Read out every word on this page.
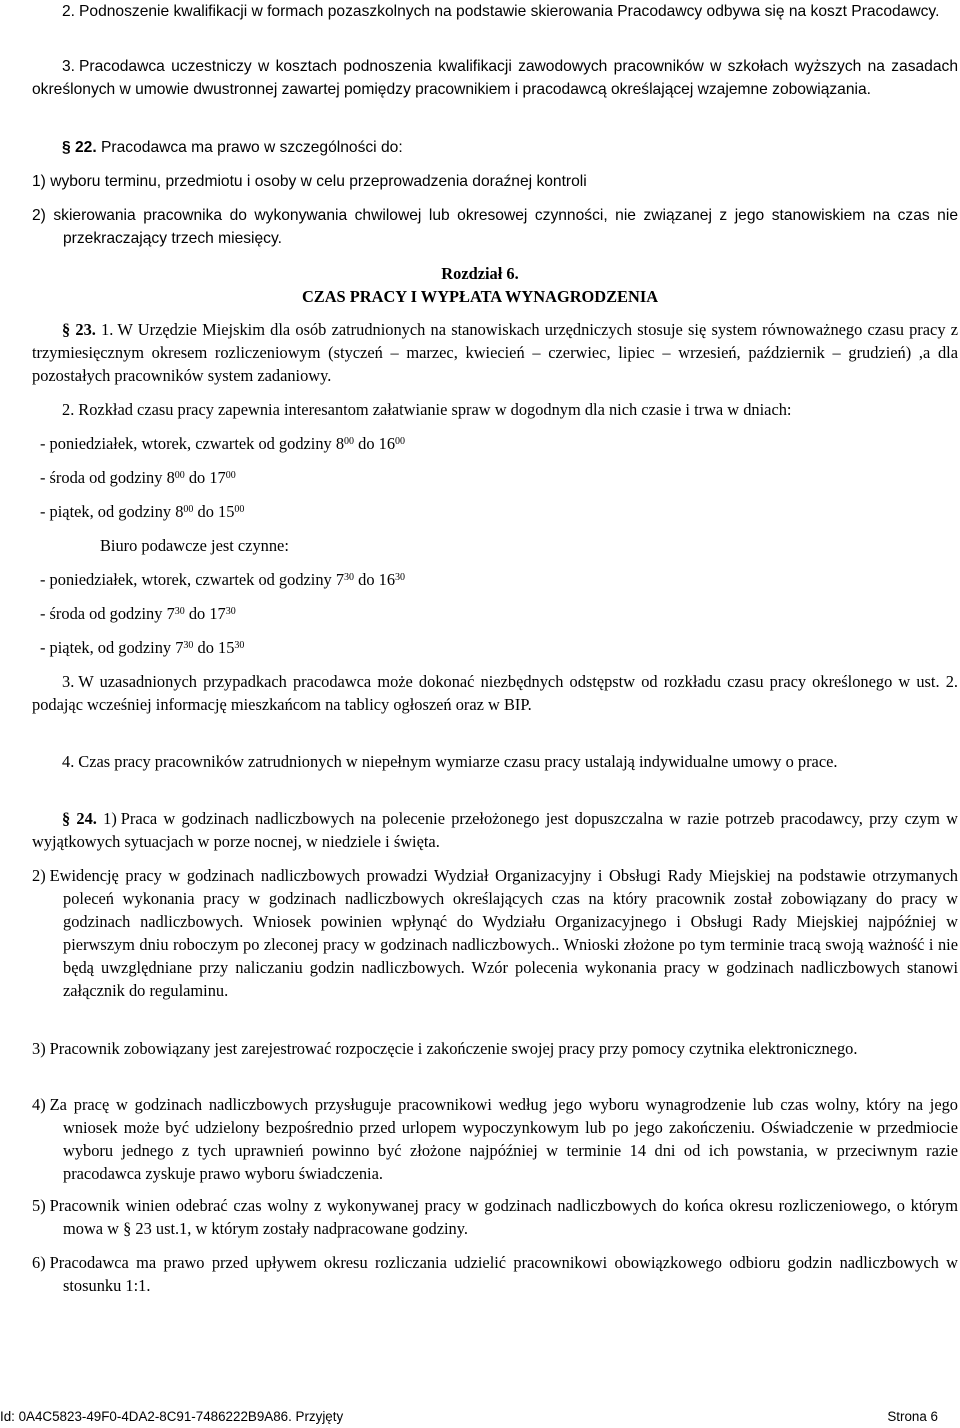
2. Podnoszenie kwalifikacji w formach pozaszkolnych na podstawie skierowania Pracodawcy odbywa się na koszt Pracodawcy.

3. Pracodawca uczestniczy w kosztach podnoszenia kwalifikacji zawodowych pracowników w szkołach wyższych na zasadach określonych w umowie dwustronnej zawartej pomiędzy pracownikiem i pracodawcą określającej wzajemne zobowiązania.

§ 22. Pracodawca ma prawo w szczególności do:

1) wyboru terminu, przedmiotu i osoby w celu przeprowadzenia doraźnej kontroli

2) skierowania pracownika do wykonywania chwilowej lub okresowej czynności, nie związanej z jego stanowiskiem na czas nie przekraczający trzech miesięcy.

Rozdział 6.

CZAS PRACY I WYPŁATA WYNAGRODZENIA

§ 23. 1. W Urzędzie Miejskim dla osób zatrudnionych na stanowiskach urzędniczych stosuje się system równoważnego czasu pracy z trzymiesięcznym okresem rozliczeniowym (styczeń – marzec, kwiecień – czerwiec, lipiec – wrzesień, październik – grudzień) ,a dla pozostałych pracowników system zadaniowy.

2. Rozkład czasu pracy zapewnia interesantom załatwianie spraw w dogodnym dla nich czasie i trwa w dniach:

- poniedziałek, wtorek, czwartek od godziny $8^{00}$ do $16^{00}$

- środa od godziny $8^{00}$ do $17^{00}$

- piątek, od godziny $8^{00}$ do $15^{00}$

Biuro podawcze jest czynne:

- poniedziałek, wtorek, czwartek od godziny $7^{30}$ do $16^{30}$

- środa od godziny $7^{30}$ do $17^{30}$

- piątek, od godziny $7^{30}$ do $15^{30}$

3. W uzasadnionych przypadkach pracodawca może dokonać niezbędnych odstępstw od rozkładu czasu pracy określonego w ust. 2. podając wcześniej informację mieszkańcom na tablicy ogłoszeń oraz w BIP.

4. Czas pracy pracowników zatrudnionych w niepełnym wymiarze czasu pracy ustalają indywidualne umowy o prace.

§ 24. 1) Praca w godzinach nadliczbowych na polecenie przełożonego jest dopuszczalna w razie potrzeb pracodawcy, przy czym w wyjątkowych sytuacjach w porze nocnej, w niedziele i święta.

2) Ewidencję pracy w godzinach nadliczbowych prowadzi Wydział Organizacyjny i Obsługi Rady Miejskiej na podstawie otrzymanych poleceń wykonania pracy w godzinach nadliczbowych określających czas na który pracownik został zobowiązany do pracy w godzinach nadliczbowych. Wniosek powinien wpłynąć do Wydziału Organizacyjnego i Obsługi Rady Miejskiej najpóźniej w pierwszym dniu roboczym po zleconej pracy w godzinach nadliczbowych.. Wnioski złożone po tym terminie tracą swoją ważność i nie będą uwzględniane przy naliczaniu godzin nadliczbowych. Wzór polecenia wykonania pracy w godzinach nadliczbowych stanowi załącznik do regulaminu.

3) Pracownik zobowiązany jest zarejestrować rozpoczęcie i zakończenie swojej pracy przy pomocy czytnika elektronicznego.

4) Za pracę w godzinach nadliczbowych przysługuje pracownikowi według jego wyboru wynagrodzenie lub czas wolny, który na jego wniosek może być udzielony bezpośrednio przed urlopem wypoczynkowym lub po jego zakończeniu. Oświadczenie w przedmiocie wyboru jednego z tych uprawnień powinno być złożone najpóźniej w terminie 14 dni od ich powstania, w przeciwnym razie pracodawca zyskuje prawo wyboru świadczenia.

5) Pracownik winien odebrać czas wolny z wykonywanej pracy w godzinach nadliczbowych do końca okresu rozliczeniowego, o którym mowa w § 23 ust.1, w którym zostały nadpracowane godziny.

6) Pracodawca ma prawo przed upływem okresu rozliczania udzielić pracownikowi obowiązkowego odbioru godzin nadliczbowych w stosunku 1:1.

Id: 0A4C5823-49F0-4DA2-8C91-7486222B9A86. Przyjęty	Strona 6
